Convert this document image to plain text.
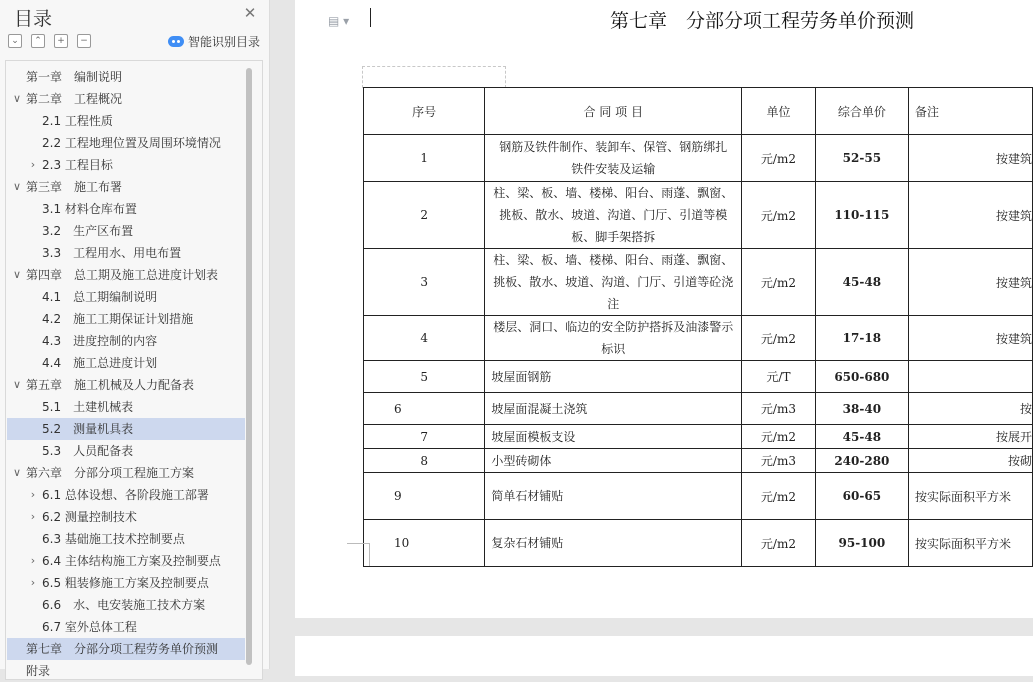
目录	✕
⌄	⌃	+	−	智能识别目录
第一章　编制说明
∨ 第二章　工程概况
2.1 工程性质
2.2 工程地理位置及周围环境情况
› 2.3 工程目标
∨ 第三章　施工布署
3.1 材料仓库布置
3.2　生产区布置
3.3　工程用水、用电布置
∨ 第四章　总工期及施工总进度计划表
4.1　总工期编制说明
4.2　施工工期保证计划措施
4.3　进度控制的内容
4.4　施工总进度计划
∨ 第五章　施工机械及人力配备表
5.1　土建机械表
5.2　测量机具表
5.3　人员配备表
∨ 第六章　分部分项工程施工方案
› 6.1 总体设想、各阶段施工部署
› 6.2 测量控制技术
6.3 基础施工技术控制要点
› 6.4 主体结构施工方案及控制要点
› 6.5 粗装修施工方案及控制要点
6.6　水、电安装施工技术方案
6.7 室外总体工程
第七章　分部分项工程劳务单价预测
附录
▤ ▾	第七章　分部分项工程劳务单价预测
序号	合 同 项 目	单位	综合单价	备注

1	钢筋及铁件制作、装卸车、保管、钢筋绑扎 铁件安装及运输	元/m2	52-55	按建筑

2	柱、梁、板、墙、楼梯、阳台、雨蓬、飘窗、挑板、散水、坡道、沟道、门厅、引道等模板、脚手架搭拆	元/m2	110-115	按建筑

3	柱、梁、板、墙、楼梯、阳台、雨蓬、飘窗、挑板、散水、坡道、沟道、门厅、引道等砼浇注	元/m2	45-48	按建筑

4	楼层、洞口、临边的安全防护搭拆及油漆警示标识	元/m2	17-18	按建筑

5	坡屋面钢筋	元/T	650-680	

6	坡屋面混凝土浇筑	元/m3	38-40	按

7	坡屋面模板支设	元/m2	45-48	按展开

8	小型砖砌体	元/m3	240-280	按砌

9	简单石材铺贴	元/m2	60-65	按实际面积平方米

10	复杂石材铺贴	元/m2	95-100	按实际面积平方米
